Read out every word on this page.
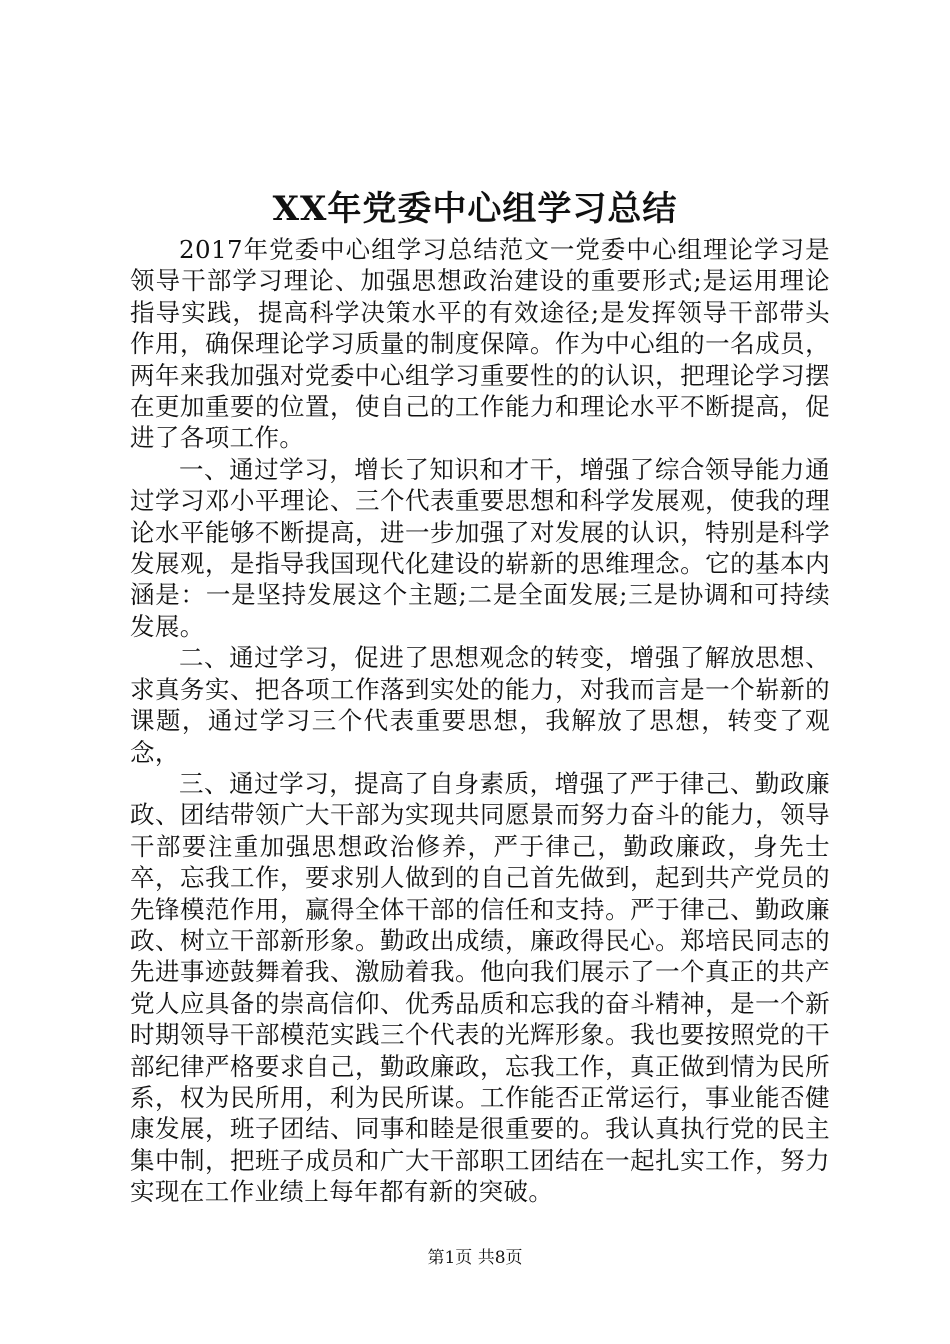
XX年党委中心组学习总结

2017年党委中心组学习总结范文一党委中心组理论学习是领导干部学习理论、加强思想政治建设的重要形式;是运用理论指导实践，提高科学决策水平的有效途径;是发挥领导干部带头作用，确保理论学习质量的制度保障。作为中心组的一名成员，两年来我加强对党委中心组学习重要性的的认识，把理论学习摆在更加重要的位置，使自己的工作能力和理论水平不断提高，促进了各项工作。

一、通过学习，增长了知识和才干，增强了综合领导能力通过学习邓小平理论、三个代表重要思想和科学发展观，使我的理论水平能够不断提高，进一步加强了对发展的认识，特别是科学发展观，是指导我国现代化建设的崭新的思维理念。它的基本内涵是：一是坚持发展这个主题;二是全面发展;三是协调和可持续发展。

二、通过学习，促进了思想观念的转变，增强了解放思想、求真务实、把各项工作落到实处的能力，对我而言是一个崭新的课题，通过学习三个代表重要思想，我解放了思想，转变了观念，

三、通过学习，提高了自身素质，增强了严于律己、勤政廉政、团结带领广大干部为实现共同愿景而努力奋斗的能力，领导干部要注重加强思想政治修养，严于律己，勤政廉政，身先士卒，忘我工作，要求别人做到的自己首先做到，起到共产党员的先锋模范作用，赢得全体干部的信任和支持。严于律己、勤政廉政、树立干部新形象。勤政出成绩，廉政得民心。郑培民同志的先进事迹鼓舞着我、激励着我。他向我们展示了一个真正的共产党人应具备的崇高信仰、优秀品质和忘我的奋斗精神，是一个新时期领导干部模范实践三个代表的光辉形象。我也要按照党的干部纪律严格要求自己，勤政廉政，忘我工作，真正做到情为民所系，权为民所用，利为民所谋。工作能否正常运行，事业能否健康发展，班子团结、同事和睦是很重要的。我认真执行党的民主集中制，把班子成员和广大干部职工团结在一起扎实工作，努力实现在工作业绩上每年都有新的突破。

第1页 共8页
